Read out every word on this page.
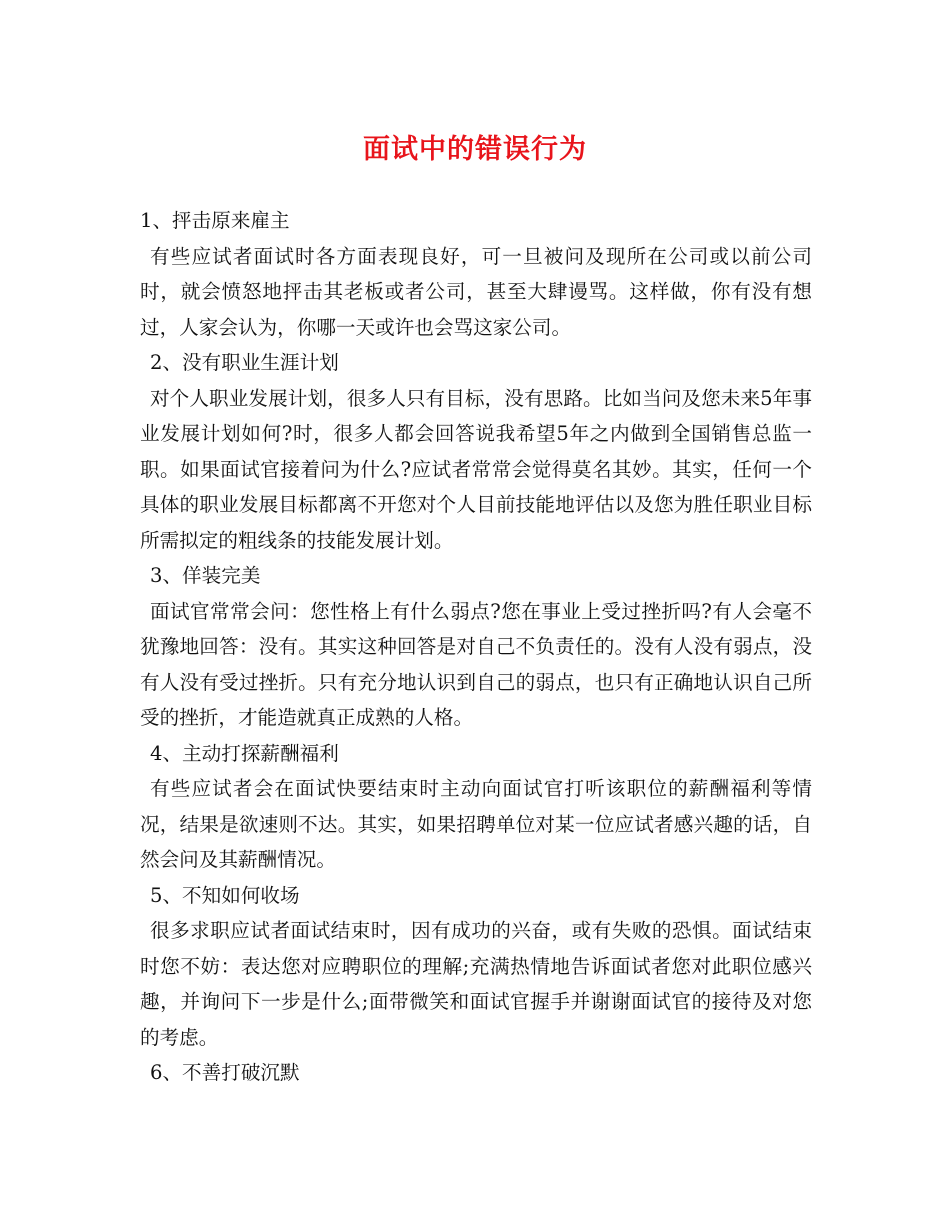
面试中的错误行为

1、抨击原来雇主

有些应试者面试时各方面表现良好，可一旦被问及现所在公司或以前公司时，就会愤怒地抨击其老板或者公司，甚至大肆谩骂。这样做，你有没有想过，人家会认为，你哪一天或许也会骂这家公司。

2、没有职业生涯计划

对个人职业发展计划，很多人只有目标，没有思路。比如当问及您未来5年事业发展计划如何?时，很多人都会回答说我希望5年之内做到全国销售总监一职。如果面试官接着问为什么?应试者常常会觉得莫名其妙。其实，任何一个具体的职业发展目标都离不开您对个人目前技能地评估以及您为胜任职业目标所需拟定的粗线条的技能发展计划。

3、佯装完美

面试官常常会问：您性格上有什么弱点?您在事业上受过挫折吗?有人会毫不犹豫地回答：没有。其实这种回答是对自己不负责任的。没有人没有弱点，没有人没有受过挫折。只有充分地认识到自己的弱点，也只有正确地认识自己所受的挫折，才能造就真正成熟的人格。

4、主动打探薪酬福利

有些应试者会在面试快要结束时主动向面试官打听该职位的薪酬福利等情况，结果是欲速则不达。其实，如果招聘单位对某一位应试者感兴趣的话，自然会问及其薪酬情况。

5、不知如何收场

很多求职应试者面试结束时，因有成功的兴奋，或有失败的恐惧。面试结束时您不妨：表达您对应聘职位的理解;充满热情地告诉面试者您对此职位感兴趣，并询问下一步是什么;面带微笑和面试官握手并谢谢面试官的接待及对您的考虑。

6、不善打破沉默
